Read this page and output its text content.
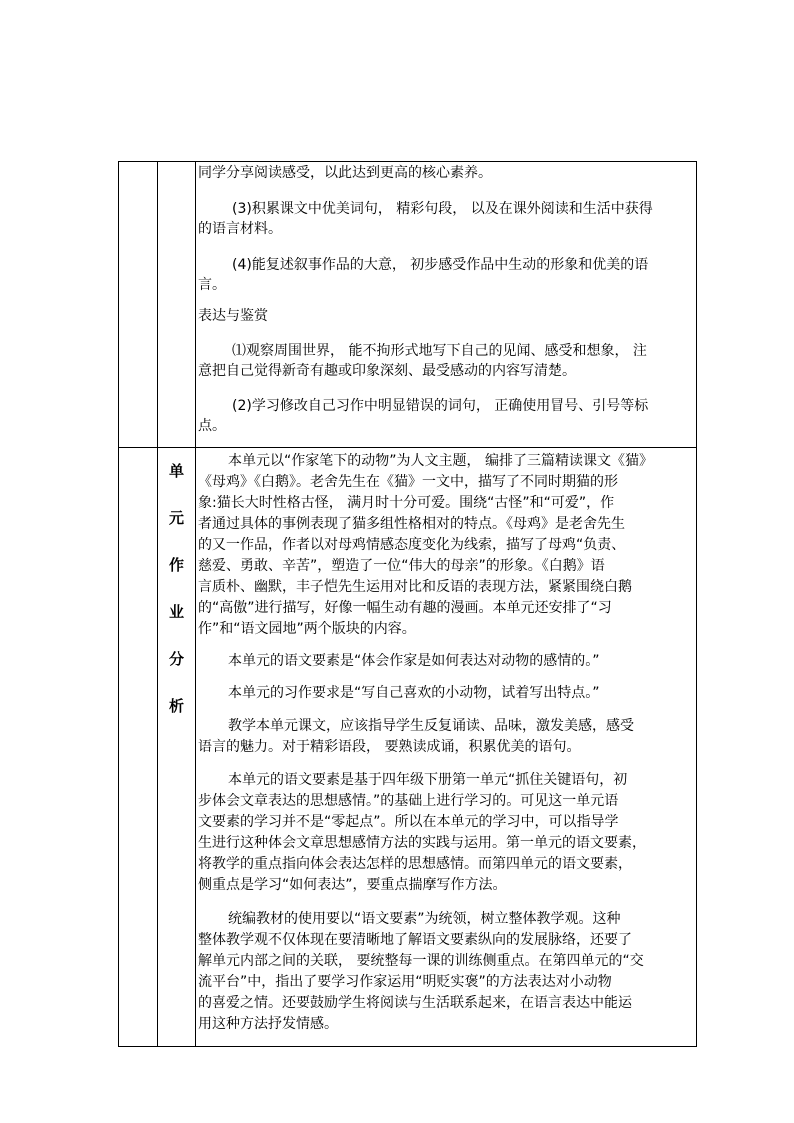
单
元
作
业
分
析

同学分享阅读感受，以此达到更高的核心素养。

(3)积累课文中优美词句， 精彩句段， 以及在课外阅读和生活中获得

的语言材料。

(4)能复述叙事作品的大意， 初步感受作品中生动的形象和优美的语

言。

表达与鉴赏

⑴观察周围世界， 能不拘形式地写下自己的见闻、感受和想象， 注

意把自己觉得新奇有趣或印象深刻、最受感动的内容写清楚。

(2)学习修改自己习作中明显错误的词句， 正确使用冒号、引号等标

点。

本单元以“作家笔下的动物”为人文主题， 编排了三篇精读课文《猫》

《母鸡》《白鹅》。老舍先生在《猫》一文中，描写了不同时期猫的形

象:猫长大时性格古怪， 满月时十分可爱。围绕“古怪”和“可爱”，作

者通过具体的事例表现了猫多组性格相对的特点。《母鸡》是老舍先生

的又一作品，作者以对母鸡情感态度变化为线索，描写了母鸡“负责、

慈爱、勇敢、辛苦”，塑造了一位“伟大的母亲”的形象。《白鹅》语

言质朴、幽默，丰子恺先生运用对比和反语的表现方法，紧紧围绕白鹅

的“高傲”进行描写，好像一幅生动有趣的漫画。本单元还安排了“习

作”和“语文园地”两个版块的内容。

本单元的语文要素是“体会作家是如何表达对动物的感情的。”

本单元的习作要求是“写自己喜欢的小动物，试着写出特点。”

教学本单元课文，应该指导学生反复诵读、品味，激发美感，感受

语言的魅力。对于精彩语段， 要熟读成诵，积累优美的语句。

本单元的语文要素是基于四年级下册第一单元“抓住关键语句，初

步体会文章表达的思想感情。”的基础上进行学习的。可见这一单元语

文要素的学习并不是“零起点”。所以在本单元的学习中，可以指导学

生进行这种体会文章思想感情方法的实践与运用。第一单元的语文要素，

将教学的重点指向体会表达怎样的思想感情。而第四单元的语文要素，

侧重点是学习“如何表达”，要重点揣摩写作方法。

统编教材的使用要以“语文要素”为统领，树立整体教学观。这种

整体教学观不仅体现在要清晰地了解语文要素纵向的发展脉络，还要了

解单元内部之间的关联， 要统整每一课的训练侧重点。在第四单元的“交

流平台”中，指出了要学习作家运用“明贬实褒”的方法表达对小动物

的喜爱之情。还要鼓励学生将阅读与生活联系起来，在语言表达中能运

用这种方法抒发情感。
